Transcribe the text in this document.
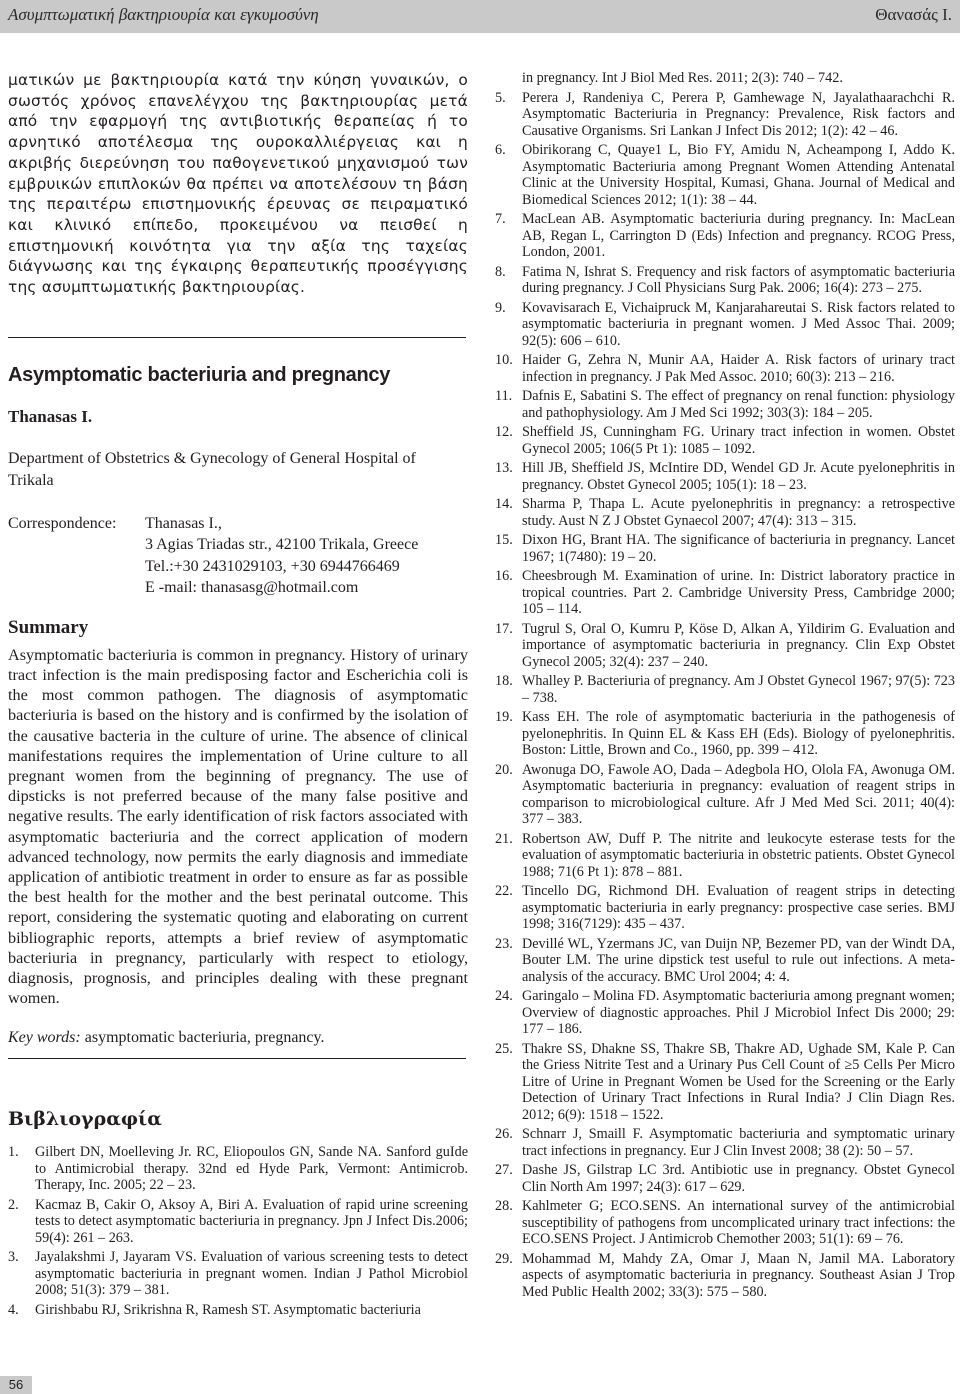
Ασυμπτωματική βακτηριουρία και εγκυμοσύνη	Θανασάς Ι.

ματικών με βακτηριουρία κατά την κύηση γυναικών, ο σωστός χρόνος επανελέγχου της βακτηριουρίας μετά από την εφαρμογή της αντιβιοτικής θεραπείας ή το αρνητικό αποτέλεσμα της ουροκαλλιέργειας και η ακριβής διερεύνηση του παθογενετικού μηχανισμού των εμβρυικών επιπλοκών θα πρέπει να αποτελέσουν τη βάση της περαιτέρω επιστημονικής έρευνας σε πειραματικό και κλινικό επίπεδο, προκειμένου να πεισθεί η επιστημονική κοινότητα για την αξία της ταχείας διάγνωσης και της έγκαιρης θεραπευτικής προσέγγισης της ασυμπτωματικής βακτηριουρίας.

Asymptomatic bacteriuria and pregnancy

Thanasas I.

Department of Obstetrics & Gynecology of General Hospital of Trikala

Correspondence:	Thanasas I.,
3 Agias Triadas str., 42100 Trikala, Greece
Tel.:+30 2431029103, +30 6944766469
E -mail: thanasasg@hotmail.com
Summary

Asymptomatic bacteriuria is common in pregnancy. History of urinary tract infection is the main predisposing factor and Escherichia coli is the most common pathogen. The diagnosis of asymptomatic bacteriuria is based on the history and is confirmed by the isolation of the causative bacteria in the culture of urine. The absence of clinical manifestations requires the implementation of Urine culture to all pregnant women from the beginning of pregnancy. The use of dipsticks is not preferred because of the many false positive and negative results. The early identification of risk factors associated with asymptomatic bacteriuria and the correct application of modern advanced technology, now permits the early diagnosis and immediate application of antibiotic treatment in order to ensure as far as possible the best health for the mother and the best perinatal outcome. This report, considering the systematic quoting and elaborating on current bibliographic reports, attempts a brief review of asymptomatic bacteriuria in pregnancy, particularly with respect to etiology, diagnosis, prognosis, and principles dealing with these pregnant women.

Key words: asymptomatic bacteriuria, pregnancy.

Βιβλιογραφία
1. Gilbert DN, Moelleving Jr. RC, Eliopoulos GN, Sande NA. Sanford guIde to Antimicrobial therapy. 32nd ed Hyde Park, Vermont: Antimicrob. Therapy, Inc. 2005; 22 – 23.
2. Kacmaz B, Cakir O, Aksoy A, Biri A. Evaluation of rapid urine screening tests to detect asymptomatic bacteriuria in pregnancy. Jpn J Infect Dis.2006; 59(4): 261 – 263.
3. Jayalakshmi J, Jayaram VS. Evaluation of various screening tests to detect asymptomatic bacteriuria in pregnant women. Indian J Pathol Microbiol 2008; 51(3): 379 – 381.
4. Girishbabu RJ, Srikrishna R, Ramesh ST. Asymptomatic bacteriuria
in pregnancy. Int J Biol Med Res. 2011; 2(3): 740 – 742.
5. Perera J, Randeniya C, Perera P, Gamhewage N, Jayalathaarachchi R. Asymptomatic Bacteriuria in Pregnancy: Prevalence, Risk factors and Causative Organisms. Sri Lankan J Infect Dis 2012; 1(2): 42 – 46.
6. Obirikorang C, Quaye1 L, Bio FY, Amidu N, Acheampong I, Addo K. Asymptomatic Bacteriuria among Pregnant Women Attending Antenatal Clinic at the University Hospital, Kumasi, Ghana. Journal of Medical and Biomedical Sciences 2012; 1(1): 38 – 44.
7. MacLean AB. Asymptomatic bacteriuria during pregnancy. In: MacLean AB, Regan L, Carrington D (Eds) Infection and pregnancy. RCOG Press, London, 2001.
8. Fatima N, Ishrat S. Frequency and risk factors of asymptomatic bacteriuria during pregnancy. J Coll Physicians Surg Pak. 2006; 16(4): 273 – 275.
9. Kovavisarach E, Vichaipruck M, Kanjarahareutai S. Risk factors related to asymptomatic bacteriuria in pregnant women. J Med Assoc Thai. 2009; 92(5): 606 – 610.
10. Haider G, Zehra N, Munir AA, Haider A. Risk factors of urinary tract infection in pregnancy. J Pak Med Assoc. 2010; 60(3): 213 – 216.
11. Dafnis E, Sabatini S. The effect of pregnancy on renal function: physiology and pathophysiology. Am J Med Sci 1992; 303(3): 184 – 205.
12. Sheffield JS, Cunningham FG. Urinary tract infection in women. Obstet Gynecol 2005; 106(5 Pt 1): 1085 – 1092.
13. Hill JB, Sheffield JS, McIntire DD, Wendel GD Jr. Acute pyelonephritis in pregnancy. Obstet Gynecol 2005; 105(1): 18 – 23.
14. Sharma P, Thapa L. Acute pyelonephritis in pregnancy: a retrospective study. Aust N Z J Obstet Gynaecol 2007; 47(4): 313 – 315.
15. Dixon HG, Brant HA. The significance of bacteriuria in pregnancy. Lancet 1967; 1(7480): 19 – 20.
16. Cheesbrough M. Examination of urine. In: District laboratory practice in tropical countries. Part 2. Cambridge University Press, Cambridge 2000; 105 – 114.
17. Tugrul S, Oral O, Kumru P, Köse D, Alkan A, Yildirim G. Evaluation and importance of asymptomatic bacteriuria in pregnancy. Clin Exp Obstet Gynecol 2005; 32(4): 237 – 240.
18. Whalley P. Bacteriuria of pregnancy. Am J Obstet Gynecol 1967; 97(5): 723 – 738.
19. Kass EH. The role of asymptomatic bacteriuria in the pathogenesis of pyelonephritis. In Quinn EL & Kass EH (Eds). Biology of pyelonephritis. Boston: Little, Brown and Co., 1960, pp. 399 – 412.
20. Awonuga DO, Fawole AO, Dada – Adegbola HO, Olola FA, Awonuga OM. Asymptomatic bacteriuria in pregnancy: evaluation of reagent strips in comparison to microbiological culture. Afr J Med Med Sci. 2011; 40(4): 377 – 383.
21. Robertson AW, Duff P. The nitrite and leukocyte esterase tests for the evaluation of asymptomatic bacteriuria in obstetric patients. Obstet Gynecol 1988; 71(6 Pt 1): 878 – 881.
22. Tincello DG, Richmond DH. Evaluation of reagent strips in detecting asymptomatic bacteriuria in early pregnancy: prospective case series. BMJ 1998; 316(7129): 435 – 437.
23. Devillé WL, Yzermans JC, van Duijn NP, Bezemer PD, van der Windt DA, Bouter LM. The urine dipstick test useful to rule out infections. A meta-analysis of the accuracy. BMC Urol 2004; 4: 4.
24. Garingalo – Molina FD. Asymptomatic bacteriuria among pregnant women; Overview of diagnostic approaches. Phil J Microbiol Infect Dis 2000; 29: 177 – 186.
25. Thakre SS, Dhakne SS, Thakre SB, Thakre AD, Ughade SM, Kale P. Can the Griess Nitrite Test and a Urinary Pus Cell Count of ≥5 Cells Per Micro Litre of Urine in Pregnant Women be Used for the Screening or the Early Detection of Urinary Tract Infections in Rural India? J Clin Diagn Res. 2012; 6(9): 1518 – 1522.
26. Schnarr J, Smaill F. Asymptomatic bacteriuria and symptomatic urinary tract infections in pregnancy. Eur J Clin Invest 2008; 38 (2): 50 – 57.
27. Dashe JS, Gilstrap LC 3rd. Antibiotic use in pregnancy. Obstet Gynecol Clin North Am 1997; 24(3): 617 – 629.
28. Kahlmeter G; ECO.SENS. An international survey of the antimicrobial susceptibility of pathogens from uncomplicated urinary tract infections: the ECO.SENS Project. J Antimicrob Chemother 2003; 51(1): 69 – 76.
29. Mohammad M, Mahdy ZA, Omar J, Maan N, Jamil MA. Laboratory aspects of asymptomatic bacteriuria in pregnancy. Southeast Asian J Trop Med Public Health 2002; 33(3): 575 – 580.
56
